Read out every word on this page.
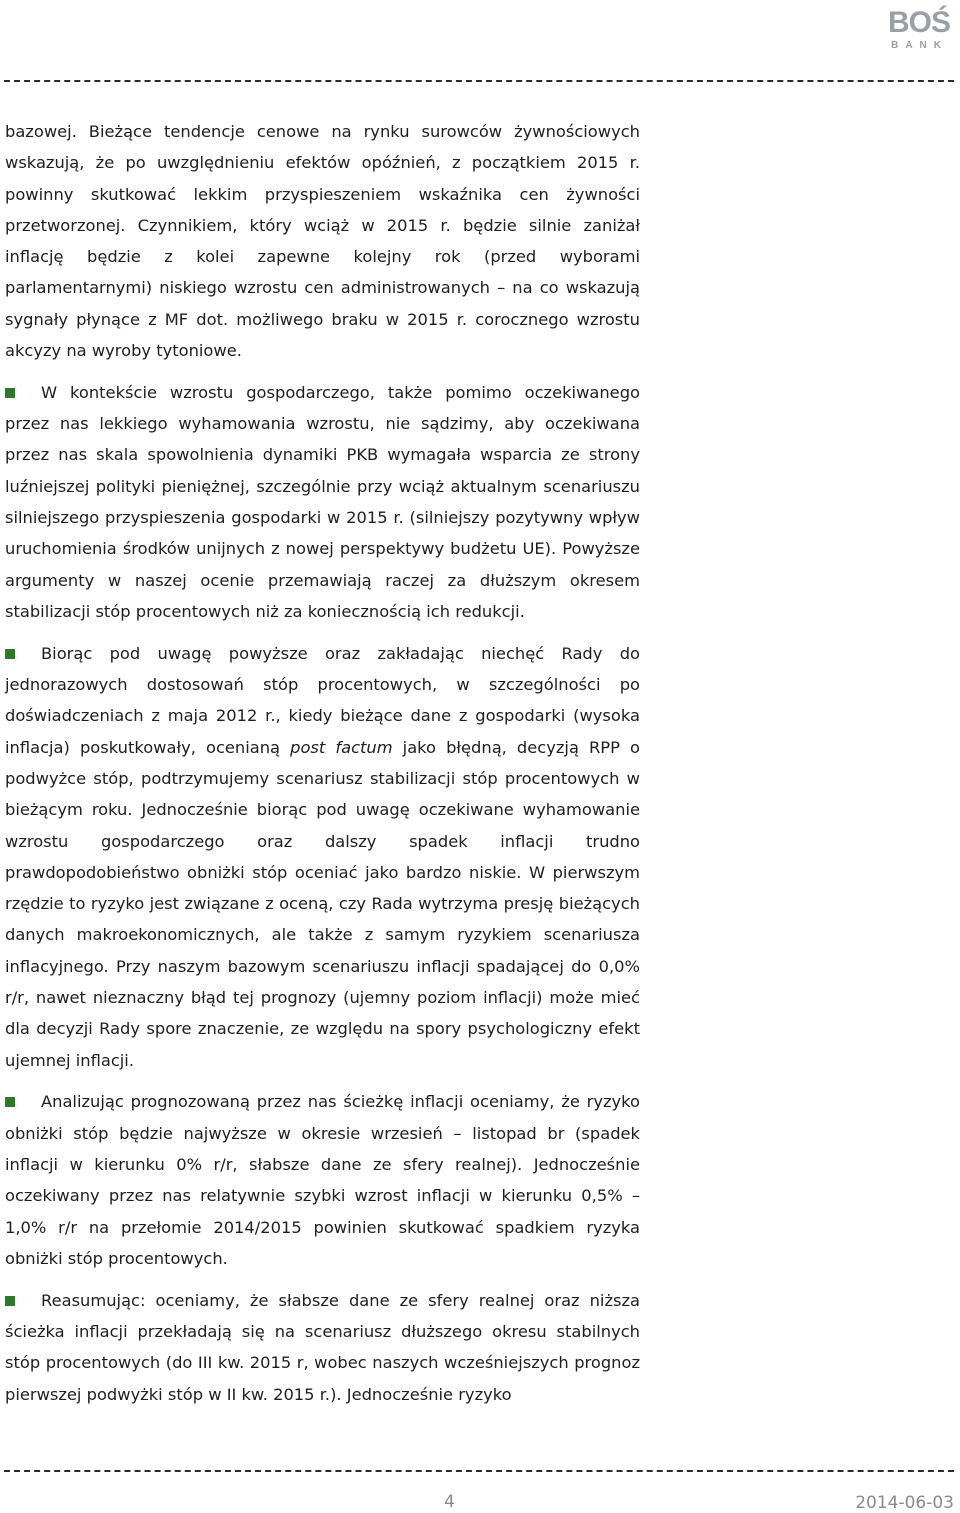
BOŚ
BANK

bazowej. Bieżące tendencje cenowe na rynku surowców żywnościowych wskazują, że po uwzględnieniu efektów opóźnień, z początkiem 2015 r. powinny skutkować lekkim przyspieszeniem wskaźnika cen żywności przetworzonej. Czynnikiem, który wciąż w 2015 r. będzie silnie zaniżał inflację będzie z kolei zapewne kolejny rok (przed wyborami parlamentarnymi) niskiego wzrostu cen administrowanych – na co wskazują sygnały płynące z MF dot. możliwego braku w 2015 r. corocznego wzrostu akcyzy na wyroby tytoniowe.

W kontekście wzrostu gospodarczego, także pomimo oczekiwanego przez nas lekkiego wyhamowania wzrostu, nie sądzimy, aby oczekiwana przez nas skala spowolnienia dynamiki PKB wymagała wsparcia ze strony luźniejszej polityki pieniężnej, szczególnie przy wciąż aktualnym scenariuszu silniejszego przyspieszenia gospodarki w 2015 r. (silniejszy pozytywny wpływ uruchomienia środków unijnych z nowej perspektywy budżetu UE). Powyższe argumenty w naszej ocenie przemawiają raczej za dłuższym okresem stabilizacji stóp procentowych niż za koniecznością ich redukcji.

Biorąc pod uwagę powyższe oraz zakładając niechęć Rady do jednorazowych dostosowań stóp procentowych, w szczególności po doświadczeniach z maja 2012 r., kiedy bieżące dane z gospodarki (wysoka inflacja) poskutkowały, ocenianą post factum jako błędną, decyzją RPP o podwyżce stóp, podtrzymujemy scenariusz stabilizacji stóp procentowych w bieżącym roku. Jednocześnie biorąc pod uwagę oczekiwane wyhamowanie wzrostu gospodarczego oraz dalszy spadek inflacji trudno prawdopodobieństwo obniżki stóp oceniać jako bardzo niskie. W pierwszym rzędzie to ryzyko jest związane z oceną, czy Rada wytrzyma presję bieżących danych makroekonomicznych, ale także z samym ryzykiem scenariusza inflacyjnego. Przy naszym bazowym scenariuszu inflacji spadającej do 0,0% r/r, nawet nieznaczny błąd tej prognozy (ujemny poziom inflacji) może mieć dla decyzji Rady spore znaczenie, ze względu na spory psychologiczny efekt ujemnej inflacji.

Analizując prognozowaną przez nas ścieżkę inflacji oceniamy, że ryzyko obniżki stóp będzie najwyższe w okresie wrzesień – listopad br (spadek inflacji w kierunku 0% r/r, słabsze dane ze sfery realnej). Jednocześnie oczekiwany przez nas relatywnie szybki wzrost inflacji w kierunku 0,5% – 1,0% r/r na przełomie 2014/2015 powinien skutkować spadkiem ryzyka obniżki stóp procentowych.

Reasumując: oceniamy, że słabsze dane ze sfery realnej oraz niższa ścieżka inflacji przekładają się na scenariusz dłuższego okresu stabilnych stóp procentowych (do III kw. 2015 r, wobec naszych wcześniejszych prognoz pierwszej podwyżki stóp w II kw. 2015 r.). Jednocześnie ryzyko

4	2014-06-03
